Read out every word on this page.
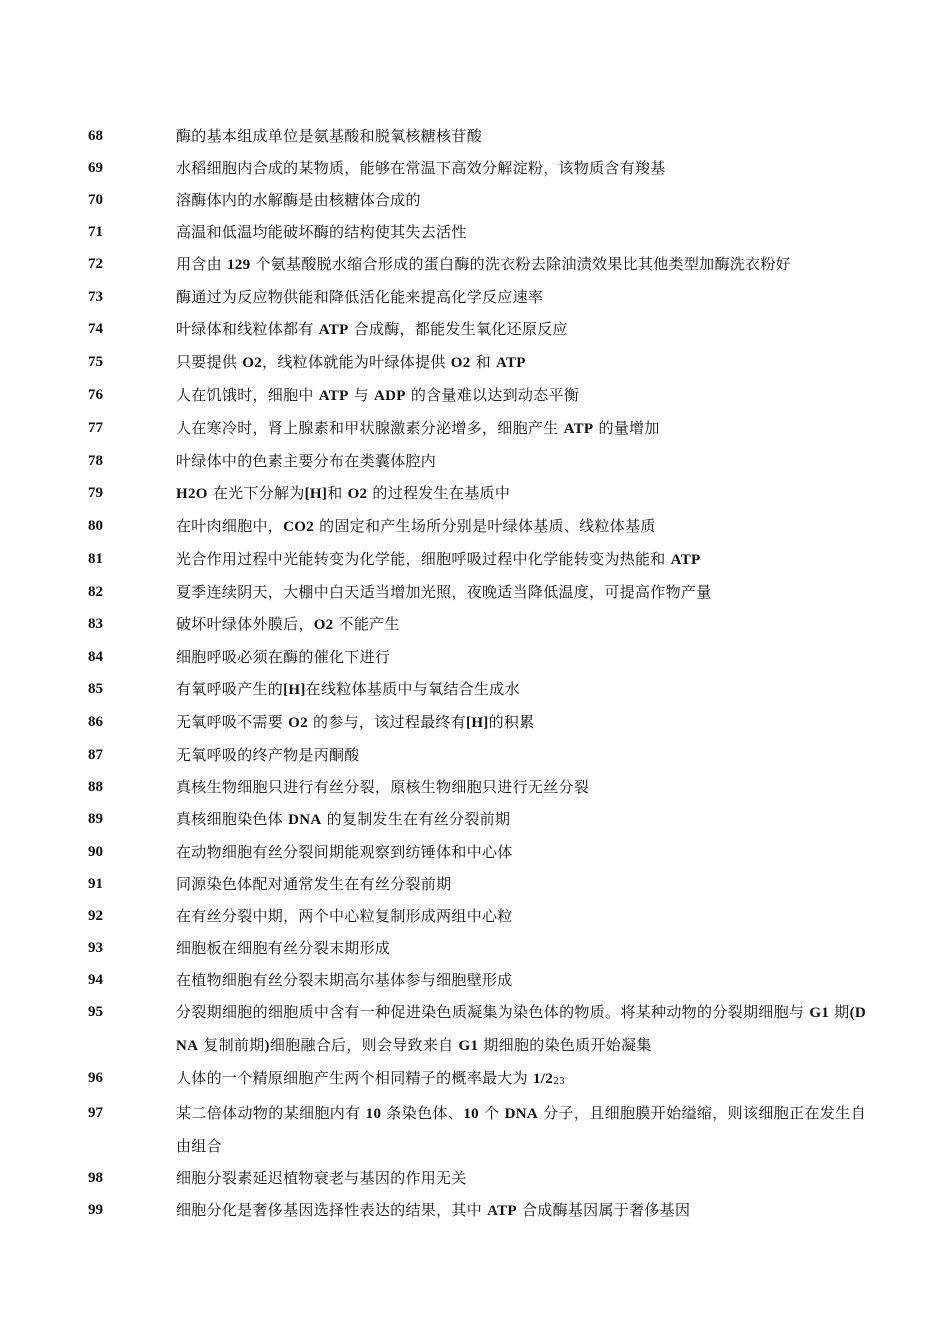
68	酶的基本组成单位是氨基酸和脱氧核糖核苷酸
69	水稻细胞内合成的某物质，能够在常温下高效分解淀粉，该物质含有羧基
70	溶酶体内的水解酶是由核糖体合成的
71	高温和低温均能破坏酶的结构使其失去活性
72	用含由 129 个氨基酸脱水缩合形成的蛋白酶的洗衣粉去除油渍效果比其他类型加酶洗衣粉好
73	酶通过为反应物供能和降低活化能来提高化学反应速率
74	叶绿体和线粒体都有 ATP 合成酶，都能发生氧化还原反应
75	只要提供 O2，线粒体就能为叶绿体提供 O2 和 ATP
76	人在饥饿时，细胞中 ATP 与 ADP 的含量难以达到动态平衡
77	人在寒冷时，肾上腺素和甲状腺激素分泌增多，细胞产生 ATP 的量增加
78	叶绿体中的色素主要分布在类囊体腔内
79	H2O 在光下分解为[H]和 O2 的过程发生在基质中
80	在叶肉细胞中，CO2 的固定和产生场所分别是叶绿体基质、线粒体基质
81	光合作用过程中光能转变为化学能，细胞呼吸过程中化学能转变为热能和 ATP
82	夏季连续阴天，大棚中白天适当增加光照，夜晚适当降低温度，可提高作物产量
83	破坏叶绿体外膜后，O2 不能产生
84	细胞呼吸必须在酶的催化下进行
85	有氧呼吸产生的[H]在线粒体基质中与氧结合生成水
86	无氧呼吸不需要 O2 的参与，该过程最终有[H]的积累
87	无氧呼吸的终产物是丙酮酸
88	真核生物细胞只进行有丝分裂，原核生物细胞只进行无丝分裂
89	真核细胞染色体 DNA 的复制发生在有丝分裂前期
90	在动物细胞有丝分裂间期能观察到纺锤体和中心体
91	同源染色体配对通常发生在有丝分裂前期
92	在有丝分裂中期，两个中心粒复制形成两组中心粒
93	细胞板在细胞有丝分裂末期形成
94	在植物细胞有丝分裂末期高尔基体参与细胞壁形成
95	分裂期细胞的细胞质中含有一种促进染色质凝集为染色体的物质。将某种动物的分裂期细胞与 G1 期(DNA 复制前期)细胞融合后，则会导致来自 G1 期细胞的染色质开始凝集
96	人体的一个精原细胞产生两个相同精子的概率最大为 $1/2_{23}$
97	某二倍体动物的某细胞内有 10 条染色体、10 个 DNA 分子，且细胞膜开始缢缩，则该细胞正在发生自由组合
98	细胞分裂素延迟植物衰老与基因的作用无关
99	细胞分化是奢侈基因选择性表达的结果，其中 ATP 合成酶基因属于奢侈基因
